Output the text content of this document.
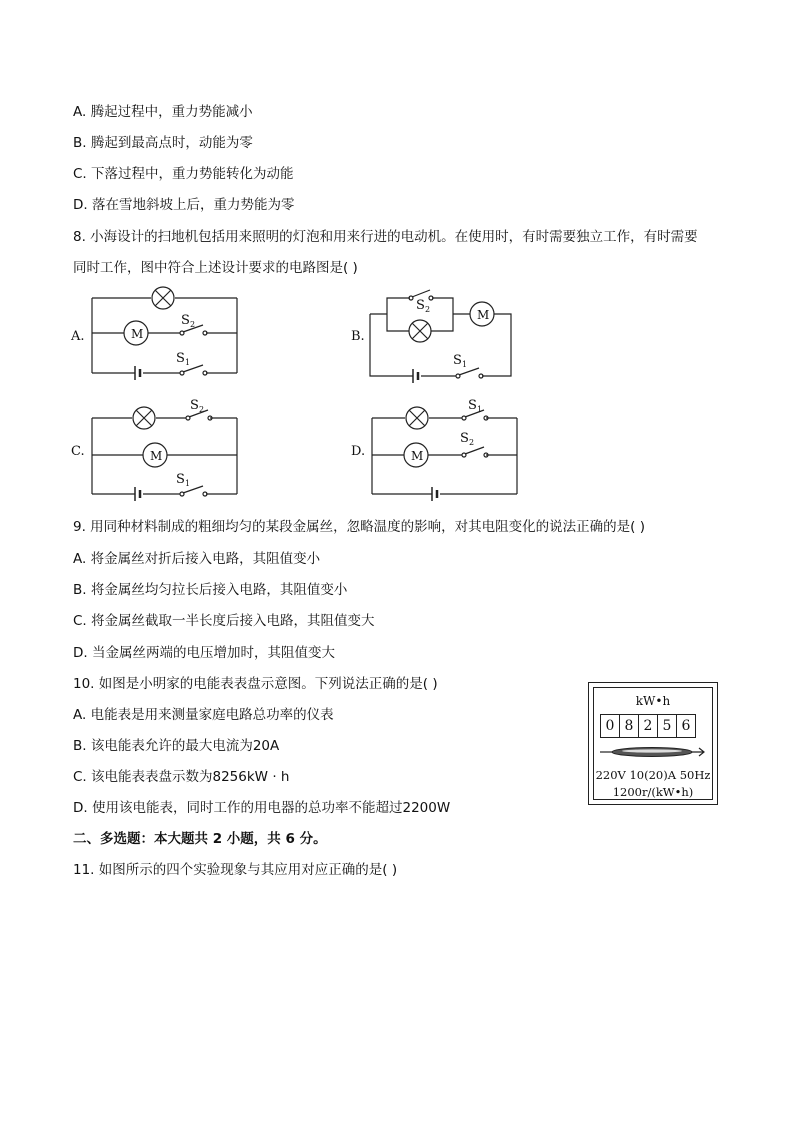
A. 腾起过程中，重力势能减小
B. 腾起到最高点时，动能为零
C. 下落过程中，重力势能转化为动能
D. 落在雪地斜坡上后，重力势能为零
8. 小海设计的扫地机包括用来照明的灯泡和用来行进的电动机。在使用时，有时需要独立工作，有时需要
同时工作，图中符合上述设计要求的电路图是( )
A.	B.
C.	D.
M
M
M	M
S 2
S 1
S 2
S 1
S 2
S 1
S 1
S 2
9. 用同种材料制成的粗细均匀的某段金属丝，忽略温度的影响，对其电阻变化的说法正确的是( )
A. 将金属丝对折后接入电路，其阻值变小
B. 将金属丝均匀拉长后接入电路，其阻值变小
C. 将金属丝截取一半长度后接入电路，其阻值变大
D. 当金属丝两端的电压增加时，其阻值变大
10. 如图是小明家的电能表表盘示意图。下列说法正确的是( )
A. 电能表是用来测量家庭电路总功率的仪表
B. 该电能表允许的最大电流为20A
C. 该电能表表盘示数为8256kW · h
D. 使用该电能表，同时工作的用电器的总功率不能超过2200W
kW•h
0 8 2 5 6
220V 10(20)A 50Hz
1200r/(kW•h)
二、多选题：本大题共 2 小题，共 6 分。
11. 如图所示的四个实验现象与其应用对应正确的是( )
